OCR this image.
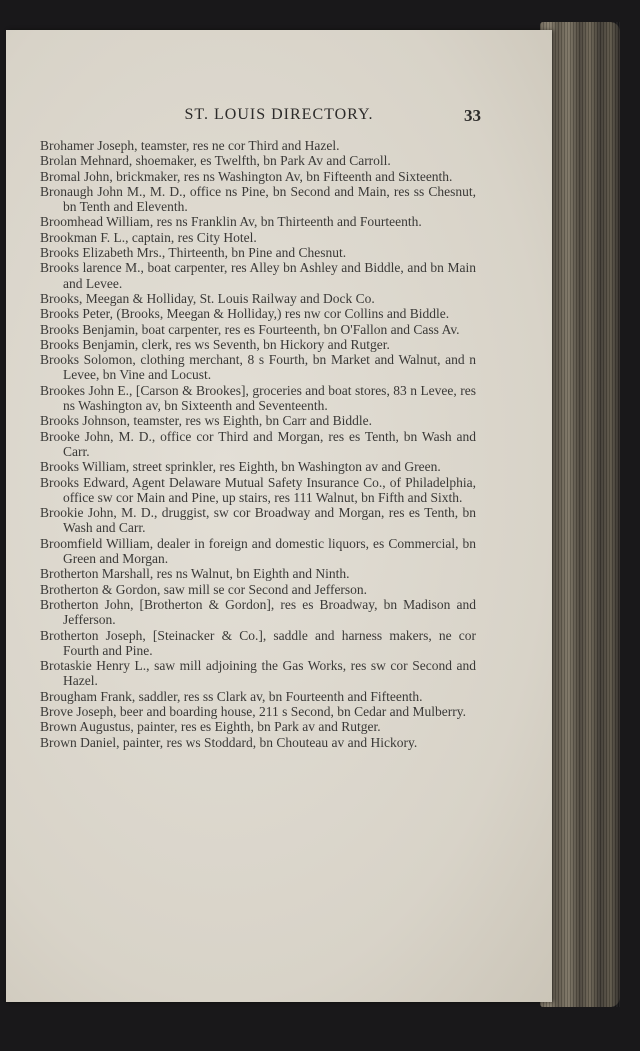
ST. LOUIS DIRECTORY.	33

Brohamer Joseph, teamster, res ne cor Third and Hazel.

Brolan Mehnard, shoemaker, es Twelfth, bn Park Av and Carroll.

Bromal John, brickmaker, res ns Washington Av, bn Fifteenth and Sixteenth.

Bronaugh John M., M. D., office ns Pine, bn Second and Main, res ss Chesnut, bn Tenth and Eleventh.

Broomhead William, res ns Franklin Av, bn Thirteenth and Fourteenth.

Brookman F. L., captain, res City Hotel.

Brooks Elizabeth Mrs., Thirteenth, bn Pine and Chesnut.

Brooks larence M., boat carpenter, res Alley bn Ashley and Biddle, and bn Main and Levee.

Brooks, Meegan & Holliday, St. Louis Railway and Dock Co.

Brooks Peter, (Brooks, Meegan & Holliday,) res nw cor Collins and Biddle.

Brooks Benjamin, boat carpenter, res es Fourteenth, bn O'Fallon and Cass Av.

Brooks Benjamin, clerk, res ws Seventh, bn Hickory and Rutger.

Brooks Solomon, clothing merchant, 8 s Fourth, bn Market and Walnut, and n Levee, bn Vine and Locust.

Brookes John E., [Carson & Brookes], groceries and boat stores, 83 n Levee, res ns Washington av, bn Sixteenth and Seventeenth.

Brooks Johnson, teamster, res ws Eighth, bn Carr and Biddle.

Brooke John, M. D., office cor Third and Morgan, res es Tenth, bn Wash and Carr.

Brooks William, street sprinkler, res Eighth, bn Washington av and Green.

Brooks Edward, Agent Delaware Mutual Safety Insurance Co., of Philadelphia, office sw cor Main and Pine, up stairs, res 111 Walnut, bn Fifth and Sixth.

Brookie John, M. D., druggist, sw cor Broadway and Morgan, res es Tenth, bn Wash and Carr.

Broomfield William, dealer in foreign and domestic liquors, es Commercial, bn Green and Morgan.

Brotherton Marshall, res ns Walnut, bn Eighth and Ninth.

Brotherton & Gordon, saw mill se cor Second and Jefferson.

Brotherton John, [Brotherton & Gordon], res es Broadway, bn Madison and Jefferson.

Brotherton Joseph, [Steinacker & Co.], saddle and harness makers, ne cor Fourth and Pine.

Brotaskie Henry L., saw mill adjoining the Gas Works, res sw cor Second and Hazel.

Brougham Frank, saddler, res ss Clark av, bn Fourteenth and Fifteenth.

Brove Joseph, beer and boarding house, 211 s Second, bn Cedar and Mulberry.

Brown Augustus, painter, res es Eighth, bn Park av and Rutger.

Brown Daniel, painter, res ws Stoddard, bn Chouteau av and Hickory.
